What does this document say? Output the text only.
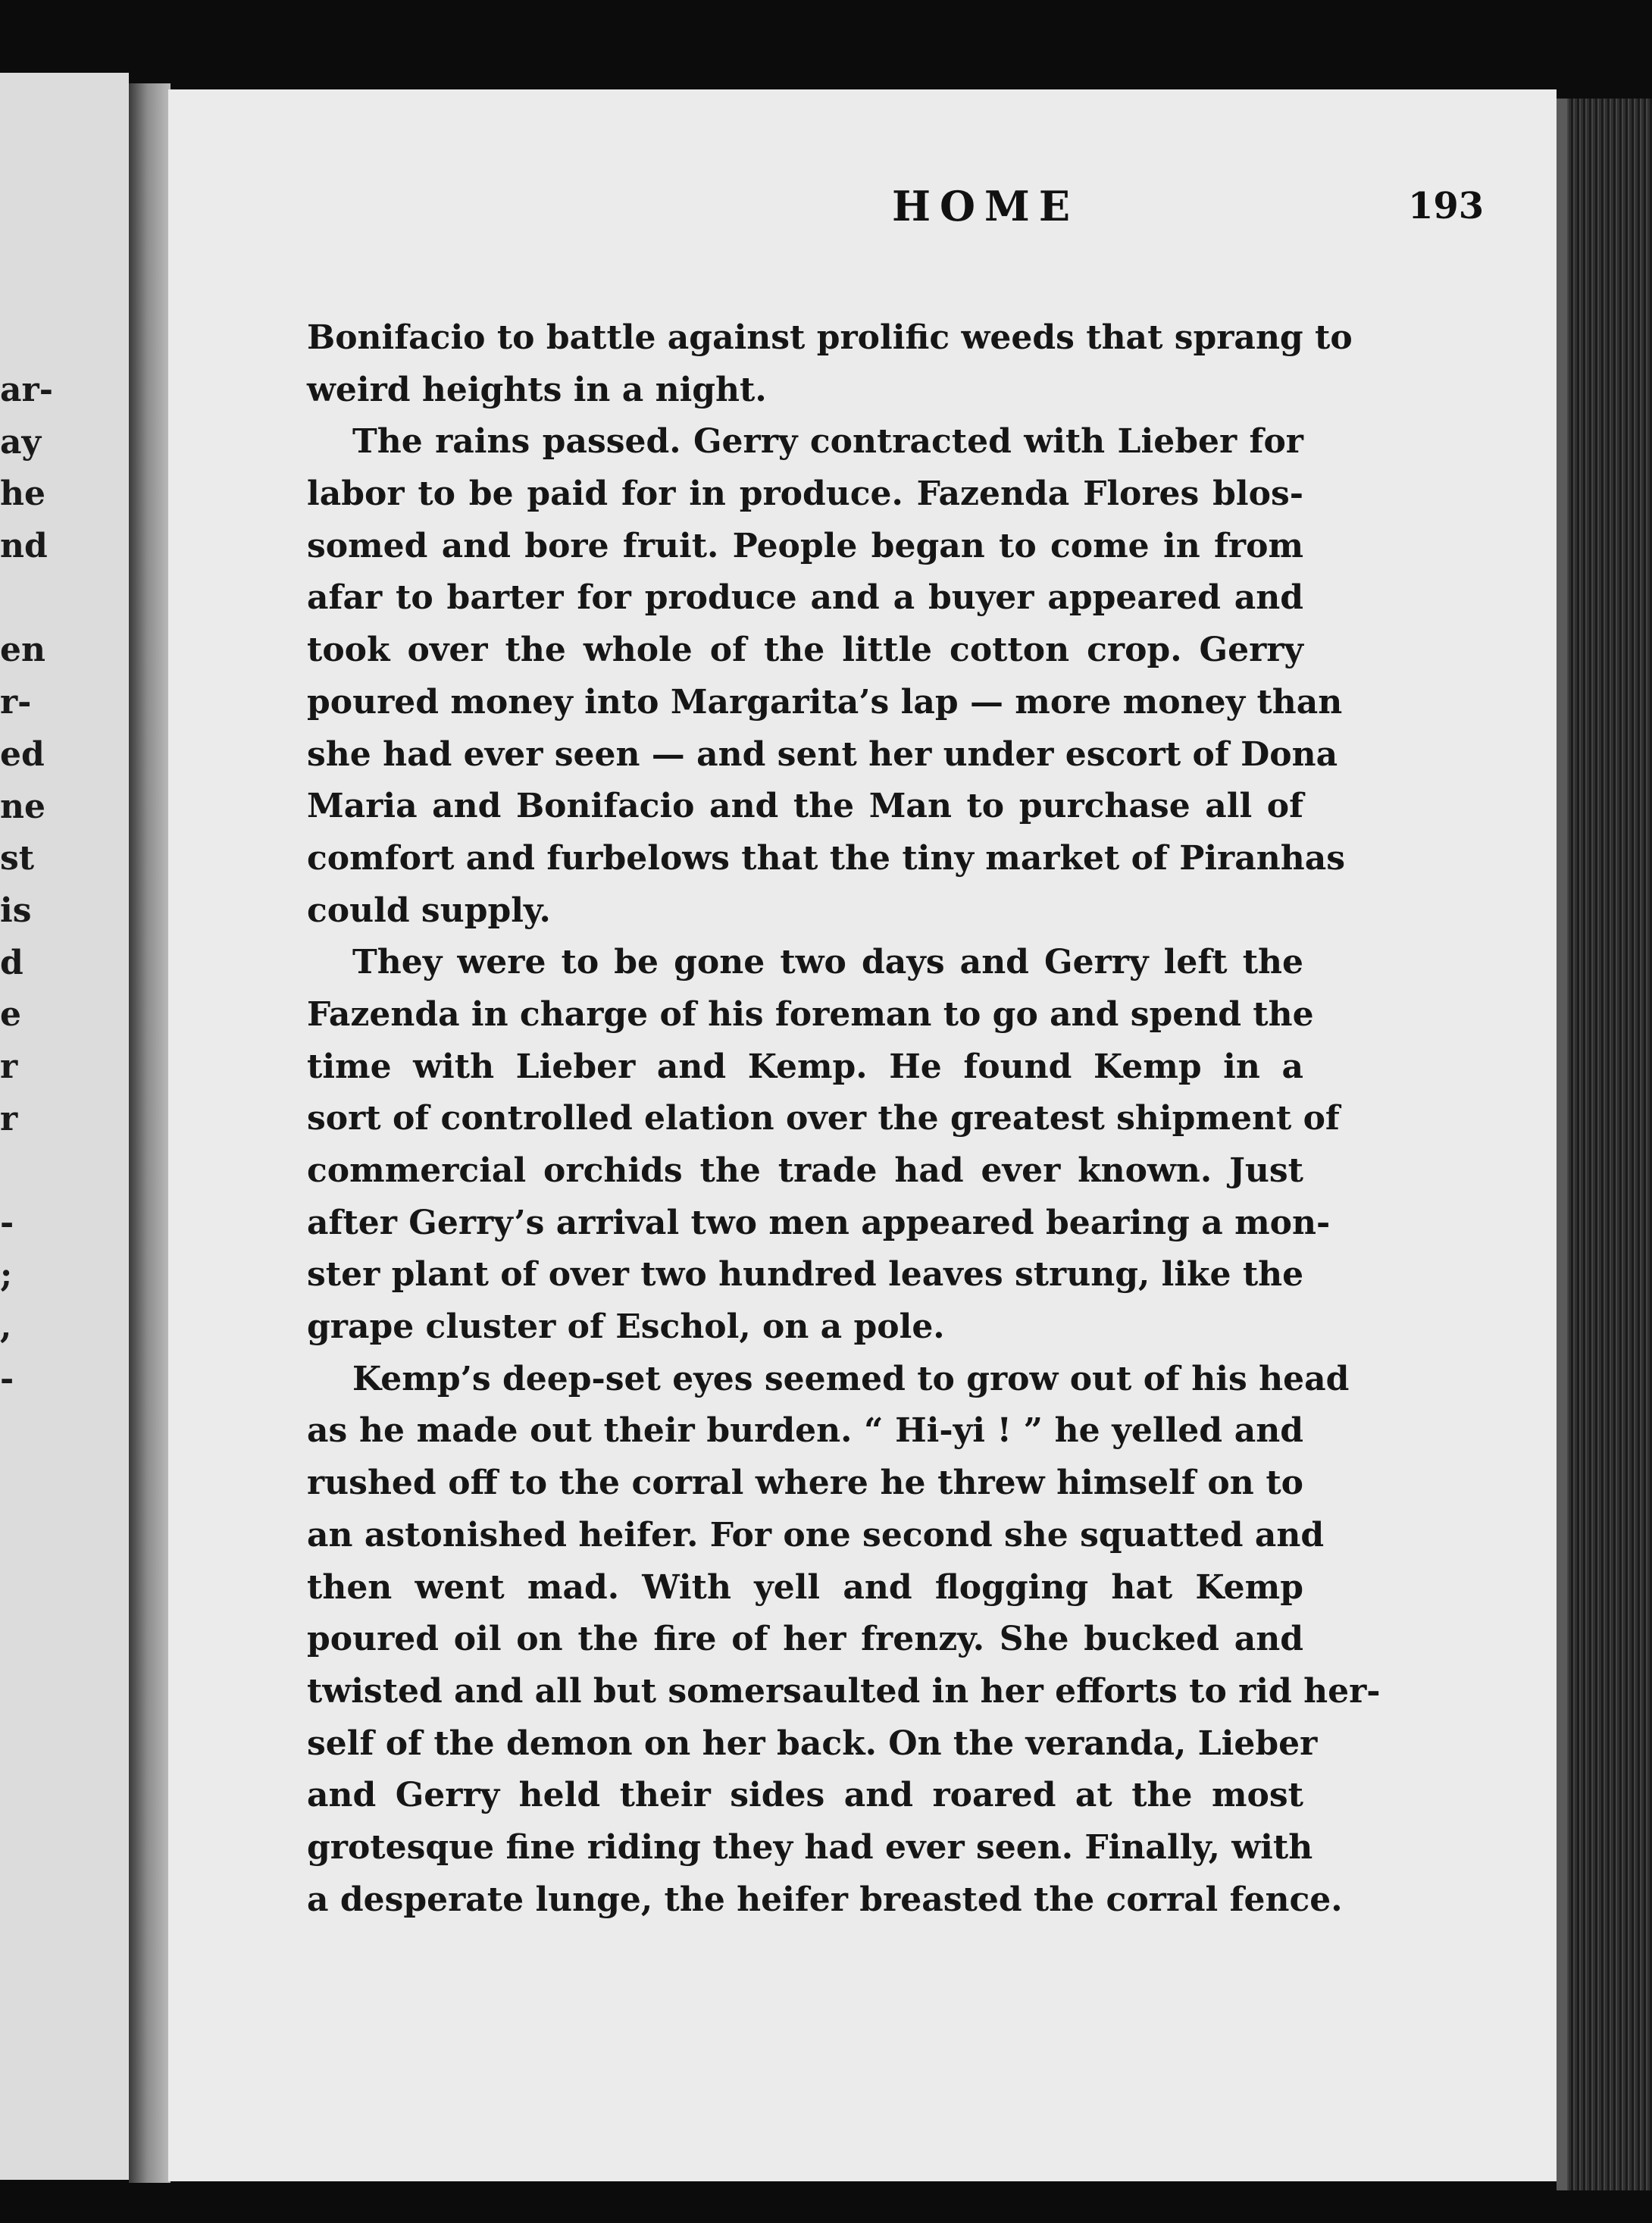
ar-
ay
he
nd
en
r-
ed
ne
st
is
d
e
r
r
-
;
,
-
HOME	193
Bonifacio to battle against prolific weeds that sprang to
weird heights in a night.
The rains passed. Gerry contracted with Lieber for
labor to be paid for in produce. Fazenda Flores blos-
somed and bore fruit. People began to come in from
afar to barter for produce and a buyer appeared and
took over the whole of the little cotton crop. Gerry
poured money into Margarita’s lap — more money than
she had ever seen — and sent her under escort of Dona
Maria and Bonifacio and the Man to purchase all of
comfort and furbelows that the tiny market of Piranhas
could supply.
They were to be gone two days and Gerry left the
Fazenda in charge of his foreman to go and spend the
time with Lieber and Kemp. He found Kemp in a
sort of controlled elation over the greatest shipment of
commercial orchids the trade had ever known. Just
after Gerry’s arrival two men appeared bearing a mon-
ster plant of over two hundred leaves strung, like the
grape cluster of Eschol, on a pole.
Kemp’s deep-set eyes seemed to grow out of his head
as he made out their burden. “ Hi-yi ! ” he yelled and
rushed off to the corral where he threw himself on to
an astonished heifer. For one second she squatted and
then went mad. With yell and flogging hat Kemp
poured oil on the fire of her frenzy. She bucked and
twisted and all but somersaulted in her efforts to rid her-
self of the demon on her back. On the veranda, Lieber
and Gerry held their sides and roared at the most
grotesque fine riding they had ever seen. Finally, with
a desperate lunge, the heifer breasted the corral fence.
